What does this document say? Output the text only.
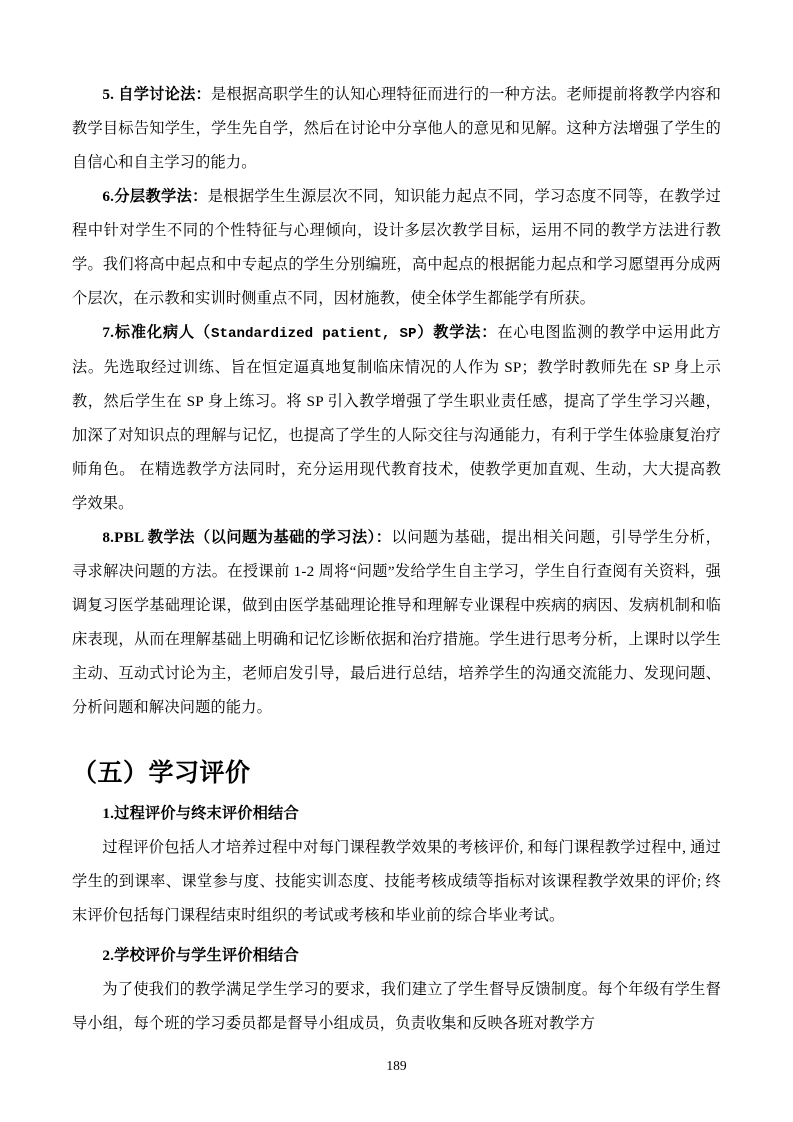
5. 自学讨论法：是根据高职学生的认知心理特征而进行的一种方法。老师提前将教学内容和教学目标告知学生，学生先自学，然后在讨论中分享他人的意见和见解。这种方法增强了学生的自信心和自主学习的能力。

6.分层教学法：是根据学生生源层次不同，知识能力起点不同，学习态度不同等，在教学过程中针对学生不同的个性特征与心理倾向，设计多层次教学目标，运用不同的教学方法进行教学。我们将高中起点和中专起点的学生分别编班，高中起点的根据能力起点和学习愿望再分成两个层次，在示教和实训时侧重点不同，因材施教，使全体学生都能学有所获。

7.标准化病人（Standardized patient, SP）教学法：在心电图监测的教学中运用此方法。先选取经过训练、旨在恒定逼真地复制临床情况的人作为 SP；教学时教师先在 SP 身上示教，然后学生在 SP 身上练习。将 SP 引入教学增强了学生职业责任感，提高了学生学习兴趣，加深了对知识点的理解与记忆，也提高了学生的人际交往与沟通能力，有利于学生体验康复治疗师角色。 在精选教学方法同时，充分运用现代教育技术，使教学更加直观、生动，大大提高教学效果。

8.PBL 教学法（以问题为基础的学习法）：以问题为基础，提出相关问题，引导学生分析，寻求解决问题的方法。在授课前 1-2 周将“问题”发给学生自主学习，学生自行查阅有关资料，强调复习医学基础理论课，做到由医学基础理论推导和理解专业课程中疾病的病因、发病机制和临床表现，从而在理解基础上明确和记忆诊断依据和治疗措施。学生进行思考分析，上课时以学生主动、互动式讨论为主，老师启发引导，最后进行总结，培养学生的沟通交流能力、发现问题、分析问题和解决问题的能力。

（五）学习评价

1.过程评价与终末评价相结合

过程评价包括人才培养过程中对每门课程教学效果的考核评价, 和每门课程教学过程中, 通过学生的到课率、课堂参与度、技能实训态度、技能考核成绩等指标对该课程教学效果的评价; 终末评价包括每门课程结束时组织的考试或考核和毕业前的综合毕业考试。

2.学校评价与学生评价相结合

为了使我们的教学满足学生学习的要求，我们建立了学生督导反馈制度。每个年级有学生督导小组，每个班的学习委员都是督导小组成员，负责收集和反映各班对教学方

189
